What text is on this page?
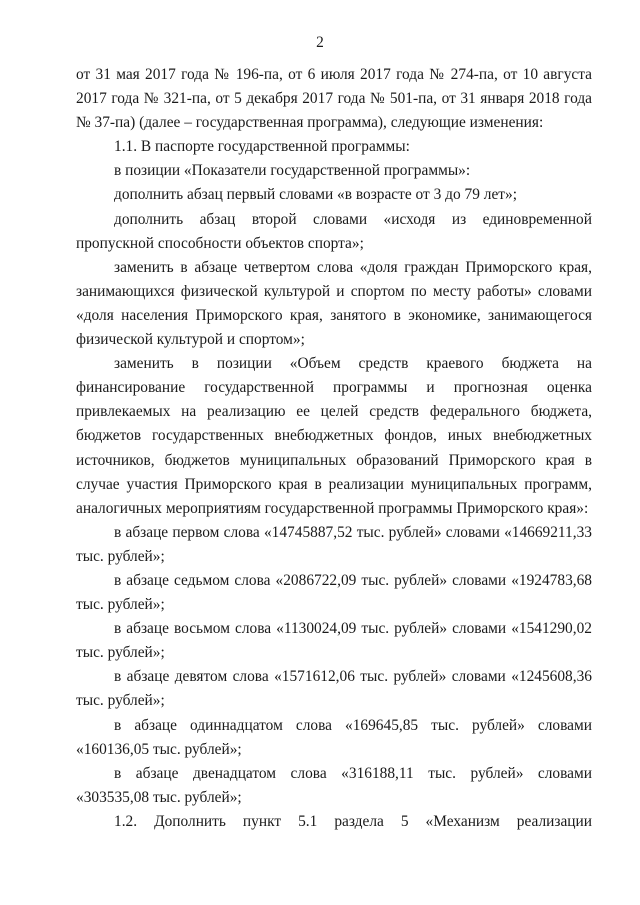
2

от 31 мая 2017 года № 196-па, от 6 июля 2017 года № 274-па, от 10 августа 2017 года № 321-па, от 5 декабря 2017 года № 501-па, от 31 января 2018 года № 37-па) (далее – государственная программа), следующие изменения:

1.1. В паспорте государственной программы:

в позиции «Показатели государственной программы»:

дополнить абзац первый словами «в возрасте от 3 до 79 лет»;

дополнить абзац второй словами «исходя из единовременной пропускной способности объектов спорта»;

заменить в абзаце четвертом слова «доля граждан Приморского края, занимающихся физической культурой и спортом по месту работы» словами «доля населения Приморского края, занятого в экономике, занимающегося физической культурой и спортом»;

заменить в позиции «Объем средств краевого бюджета на финансирование государственной программы и прогнозная оценка привлекаемых на реализацию ее целей средств федерального бюджета, бюджетов государственных внебюджетных фондов, иных внебюджетных источников, бюджетов муниципальных образований Приморского края в случае участия Приморского края в реализации муниципальных программ, аналогичных мероприятиям государственной программы Приморского края»:

в абзаце первом слова «14745887,52 тыс. рублей» словами «14669211,33 тыс. рублей»;

в абзаце седьмом слова «2086722,09 тыс. рублей» словами «1924783,68 тыс. рублей»;

в абзаце восьмом слова «1130024,09 тыс. рублей» словами «1541290,02 тыс. рублей»;

в абзаце девятом слова «1571612,06 тыс. рублей» словами «1245608,36 тыс. рублей»;

в абзаце одиннадцатом слова «169645,85 тыс. рублей» словами «160136,05 тыс. рублей»;

в абзаце двенадцатом слова «316188,11 тыс. рублей» словами «303535,08 тыс. рублей»;

1.2. Дополнить пункт 5.1 раздела 5 «Механизм реализации
